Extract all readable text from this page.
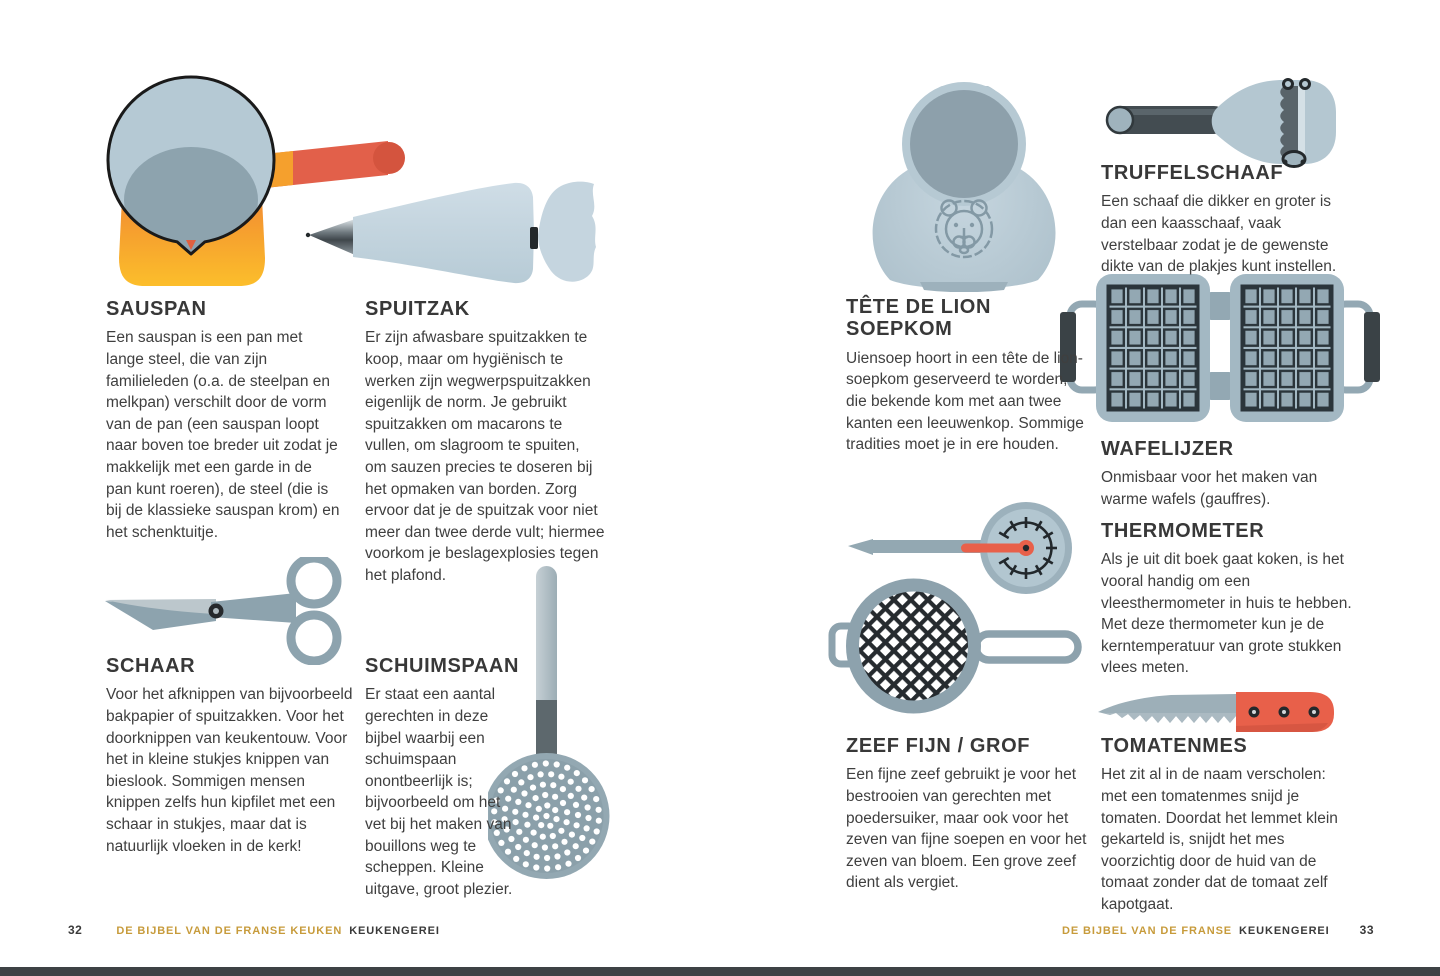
SAUSPAN

Een sauspan is een pan met lange steel, die van zijn familieleden (o.a. de steelpan en melkpan) verschilt door de vorm van de pan (een sauspan loopt naar boven toe breder uit zodat je makkelijk met een garde in de pan kunt roeren), de steel (die is bij de klassieke sauspan krom) en het schenktuitje.

SPUITZAK

Er zijn afwasbare spuitzakken te koop, maar om hygiënisch te werken zijn wegwerpspuitzakken eigenlijk de norm. Je gebruikt spuitzakken om macarons te vullen, om slagroom te spuiten, om sauzen precies te doseren bij het opmaken van borden. Zorg ervoor dat je de spuitzak voor niet meer dan twee derde vult; hiermee voorkom je beslagexplosies tegen het plafond.

SCHAAR

Voor het afknippen van bijvoorbeeld bakpapier of spuitzakken. Voor het doorknippen van keukentouw. Voor het in kleine stukjes knippen van bieslook. Sommigen mensen knippen zelfs hun kipfilet met een schaar in stukjes, maar dat is natuurlijk vloeken in de kerk!

SCHUIMSPAAN

Er staat een aantal gerechten in deze bijbel waarbij een schuimspaan onontbeerlijk is; bijvoorbeeld om het vet bij het maken van bouillons weg te scheppen. Kleine uitgave, groot plezier.

TÊTE DE LION SOEPKOM

Uiensoep hoort in een tête de lion-soepkom geserveerd te worden, die bekende kom met aan twee kanten een leeuwenkop. Sommige tradities moet je in ere houden.

TRUFFELSCHAAF

Een schaaf die dikker en groter is dan een kaasschaaf, vaak verstelbaar zodat je de gewenste dikte van de plakjes kunt instellen.

WAFELIJZER

Onmisbaar voor het maken van warme wafels (gauffres).

THERMOMETER

Als je uit dit boek gaat koken, is het vooral handig om een vleesthermometer in huis te hebben. Met deze thermometer kun je de kerntemperatuur van grote stukken vlees meten.

ZEEF FIJN / GROF

Een fijne zeef gebruikt je voor het bestrooien van gerechten met poedersuiker, maar ook voor het zeven van fijne soepen en voor het zeven van bloem. Een grove zeef dient als vergiet.

TOMATENMES

Het zit al in de naam verscholen: met een tomatenmes snijd je tomaten. Doordat het lemmet klein gekarteld is, snijdt het mes voorzichtig door de huid van de tomaat zonder dat de tomaat zelf kapotgaat.

32	DE BIJBEL VAN DE FRANSE KEUKEN KEUKENGEREI	DE BIJBEL VAN DE FRANSE KEUKENGEREI	33
